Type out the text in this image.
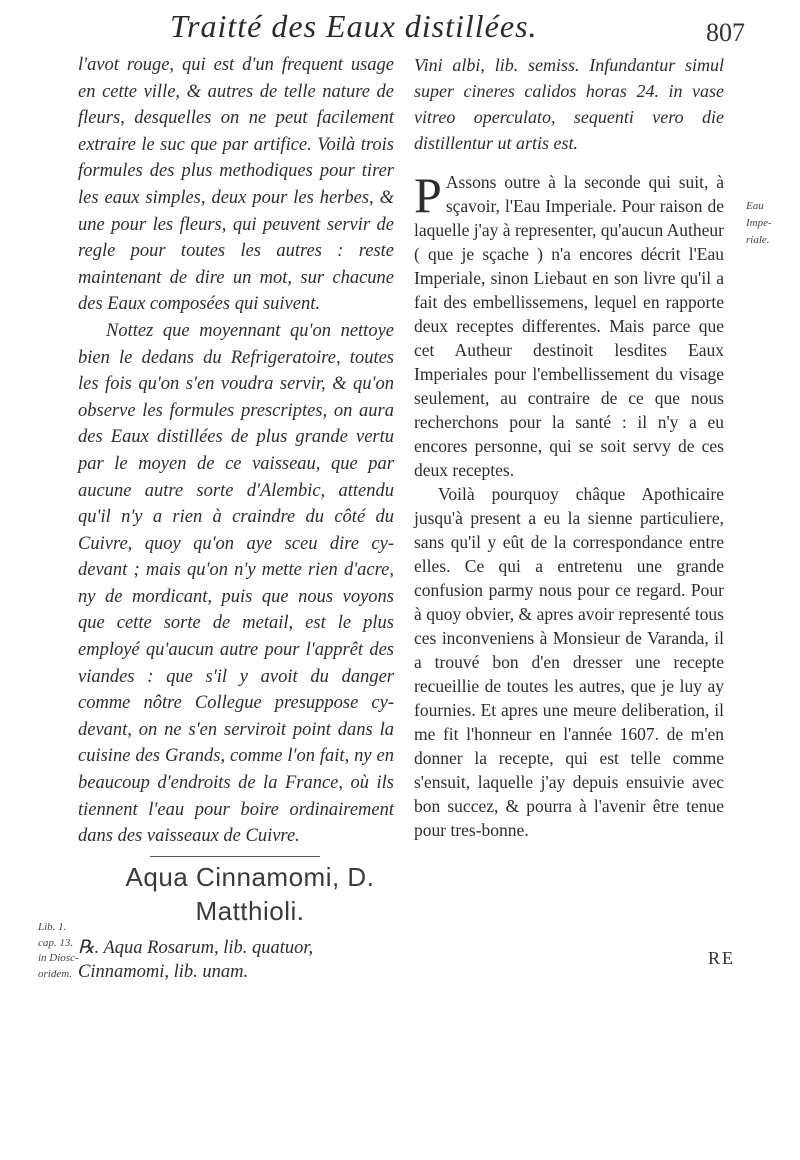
Traitté des Eaux distillées.	807

l'avot rouge, qui est d'un frequent usage en cette ville, & autres de telle nature de fleurs, desquelles on ne peut facilement extraire le suc que par artifice. Voilà trois formules des plus methodiques pour tirer les eaux simples, deux pour les herbes, & une pour les fleurs, qui peuvent servir de regle pour toutes les autres : reste maintenant de dire un mot, sur chacune des Eaux composées qui suivent.

Nottez que moyennant qu'on nettoye bien le dedans du Refrigeratoire, toutes les fois qu'on s'en voudra servir, & qu'on observe les formules prescriptes, on aura des Eaux distillées de plus grande vertu par le moyen de ce vaisseau, que par aucune autre sorte d'Alembic, attendu qu'il n'y a rien à craindre du côté du Cuivre, quoy qu'on aye sceu dire cy-devant ; mais qu'on n'y mette rien d'acre, ny de mordicant, puis que nous voyons que cette sorte de metail, est le plus employé qu'aucun autre pour l'apprêt des viandes : que s'il y avoit du danger comme nôtre Collegue presuppose cy-devant, on ne s'en serviroit point dans la cuisine des Grands, comme l'on fait, ny en beaucoup d'endroits de la France, où ils tiennent l'eau pour boire ordinairement dans des vaisseaux de Cuivre.

Aqua Cinnamomi, D. Matthioli.
Lib. 1.
cap. 13.
in Diosc-
oridem.

℞. Aqua Rosarum, lib. quatuor, Cinnamomi, lib. unam.

Vini albi, lib. semiss. Infundantur simul super cineres calidos horas 24. in vase vitreo operculato, sequenti vero die distillentur ut artis est.

P Assons outre à la seconde qui suit, à sçavoir, l'Eau Imperiale. Pour raison de laquelle j'ay à representer, qu'aucun Autheur ( que je sçache ) n'a encores décrit l'Eau Imperiale, sinon Liebaut en son livre qu'il a fait des embellissemens, lequel en rapporte deux receptes differentes. Mais parce que cet Autheur destinoit lesdites Eaux Imperiales pour l'embellissement du visage seulement, au contraire de ce que nous recherchons pour la santé : il n'y a eu encores personne, qui se soit servy de ces deux receptes.

Voilà pourquoy châque Apothicaire jusqu'à present a eu la sienne particuliere, sans qu'il y eût de la correspondance entre elles. Ce qui a entretenu une grande confusion parmy nous pour ce regard. Pour à quoy obvier, & apres avoir representé tous ces inconveniens à Monsieur de Varanda, il a trouvé bon d'en dresser une recepte recueillie de toutes les autres, que je luy ay fournies. Et apres une meure deliberation, il me fit l'honneur en l'année 1607. de m'en donner la recepte, qui est telle comme s'ensuit, laquelle j'ay depuis ensuivie avec bon succez, & pourra à l'avenir être tenue pour tres-bonne.

Eau
Impe-
riale.
RE
